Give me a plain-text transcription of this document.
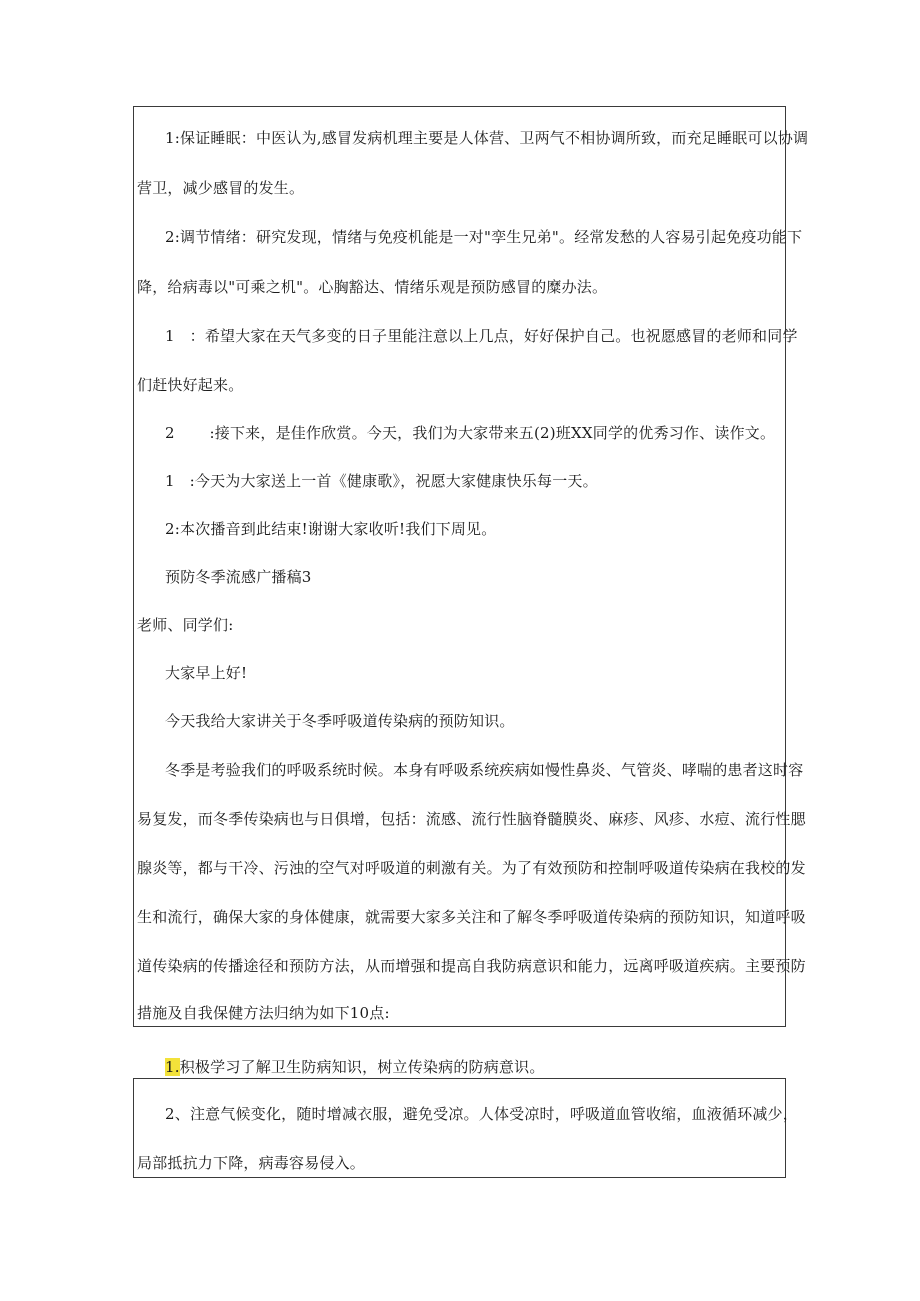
1:保证睡眠：中医认为,感冒发病机理主要是人体营、卫两气不相协调所致，而充足睡眠可以协调

营卫，减少感冒的发生。

2:调节情绪：研究发现，情绪与免疫机能是一对"孪生兄弟"。经常发愁的人容易引起免疫功能下

降，给病毒以"可乘之机"。心胸豁达、情绪乐观是预防感冒的糜办法。

1   ：希望大家在天气多变的日子里能注意以上几点，好好保护自己。也祝愿感冒的老师和同学

们赶快好起来。

2       :接下来，是佳作欣赏。今天，我们为大家带来五(2)班XX同学的优秀习作、读作文。

1   :今天为大家送上一首《健康歌》，祝愿大家健康快乐每一天。

2:本次播音到此结束!谢谢大家收听!我们下周见。

预防冬季流感广播稿3

老师、同学们:

大家早上好!

今天我给大家讲关于冬季呼吸道传染病的预防知识。

冬季是考验我们的呼吸系统时候。本身有呼吸系统疾病如慢性鼻炎、气管炎、哮喘的患者这时容

易复发，而冬季传染病也与日俱增，包括：流感、流行性脑脊髓膜炎、麻疹、风疹、水痘、流行性腮

腺炎等，都与干冷、污浊的空气对呼吸道的刺激有关。为了有效预防和控制呼吸道传染病在我校的发

生和流行，确保大家的身体健康，就需要大家多关注和了解冬季呼吸道传染病的预防知识，知道呼吸

道传染病的传播途径和预防方法，从而增强和提高自我防病意识和能力，远离呼吸道疾病。主要预防

措施及自我保健方法归纳为如下10点:

1.积极学习了解卫生防病知识，树立传染病的防病意识。

2、注意气候变化，随时增减衣服，避免受凉。人体受凉时，呼吸道血管收缩，血液循环减少，

局部抵抗力下降，病毒容易侵入。
